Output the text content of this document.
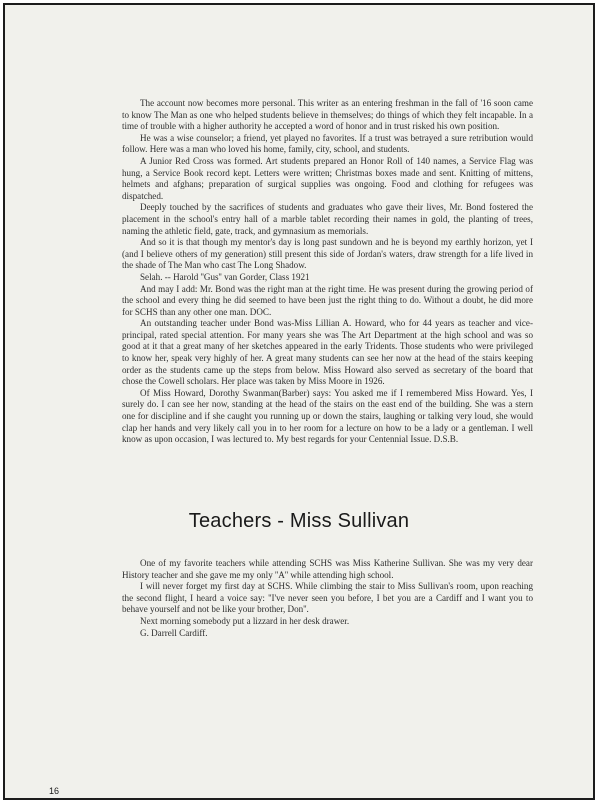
The account now becomes more personal. This writer as an entering freshman in the fall of '16 soon came to know The Man as one who helped students believe in themselves; do things of which they felt incapable. In a time of trouble with a higher authority he accepted a word of honor and in trust risked his own position.

He was a wise counselor; a friend, yet played no favorites. If a trust was betrayed a sure retribution would follow. Here was a man who loved his home, family, city, school, and students.

A Junior Red Cross was formed. Art students prepared an Honor Roll of 140 names, a Service Flag was hung, a Service Book record kept. Letters were written; Christmas boxes made and sent. Knitting of mittens, helmets and afghans; preparation of surgical supplies was ongoing. Food and clothing for refugees was dispatched.

Deeply touched by the sacrifices of students and graduates who gave their lives, Mr. Bond fostered the placement in the school's entry hall of a marble tablet recording their names in gold, the planting of trees, naming the athletic field, gate, track, and gymnasium as memorials.

And so it is that though my mentor's day is long past sundown and he is beyond my earthly horizon, yet I (and I believe others of my generation) still present this side of Jordan's waters, draw strength for a life lived in the shade of The Man who cast The Long Shadow.

Selah. -- Harold ''Gus'' van Gorder, Class 1921

And may I add: Mr. Bond was the right man at the right time. He was present during the growing period of the school and every thing he did seemed to have been just the right thing to do. Without a doubt, he did more for SCHS than any other one man. DOC.

An outstanding teacher under Bond was-Miss Lillian A. Howard, who for 44 years as teacher and vice-principal, rated special attention. For many years she was The Art Department at the high school and was so good at it that a great many of her sketches appeared in the early Tridents. Those students who were privileged to know her, speak very highly of her. A great many students can see her now at the head of the stairs keeping order as the students came up the steps from below. Miss Howard also served as secretary of the board that chose the Cowell scholars. Her place was taken by Miss Moore in 1926.

Of Miss Howard, Dorothy Swanman(Barber) says: You asked me if I remembered Miss Howard. Yes, I surely do. I can see her now, standing at the head of the stairs on the east end of the building. She was a stern one for discipline and if she caught you running up or down the stairs, laughing or talking very loud, she would clap her hands and very likely call you in to her room for a lecture on how to be a lady or a gentleman. I well know as upon occasion, I was lectured to. My best regards for your Centennial Issue. D.S.B.

Teachers - Miss Sullivan

One of my favorite teachers while attending SCHS was Miss Katherine Sullivan. She was my very dear History teacher and she gave me my only ''A'' while attending high school.

I will never forget my first day at SCHS. While climbing the stair to Miss Sullivan's room, upon reaching the second flight, I heard a voice say: ''I've never seen you before, I bet you are a Cardiff and I want you to behave yourself and not be like your brother, Don''.

Next morning somebody put a lizzard in her desk drawer.

G. Darrell Cardiff.

16
